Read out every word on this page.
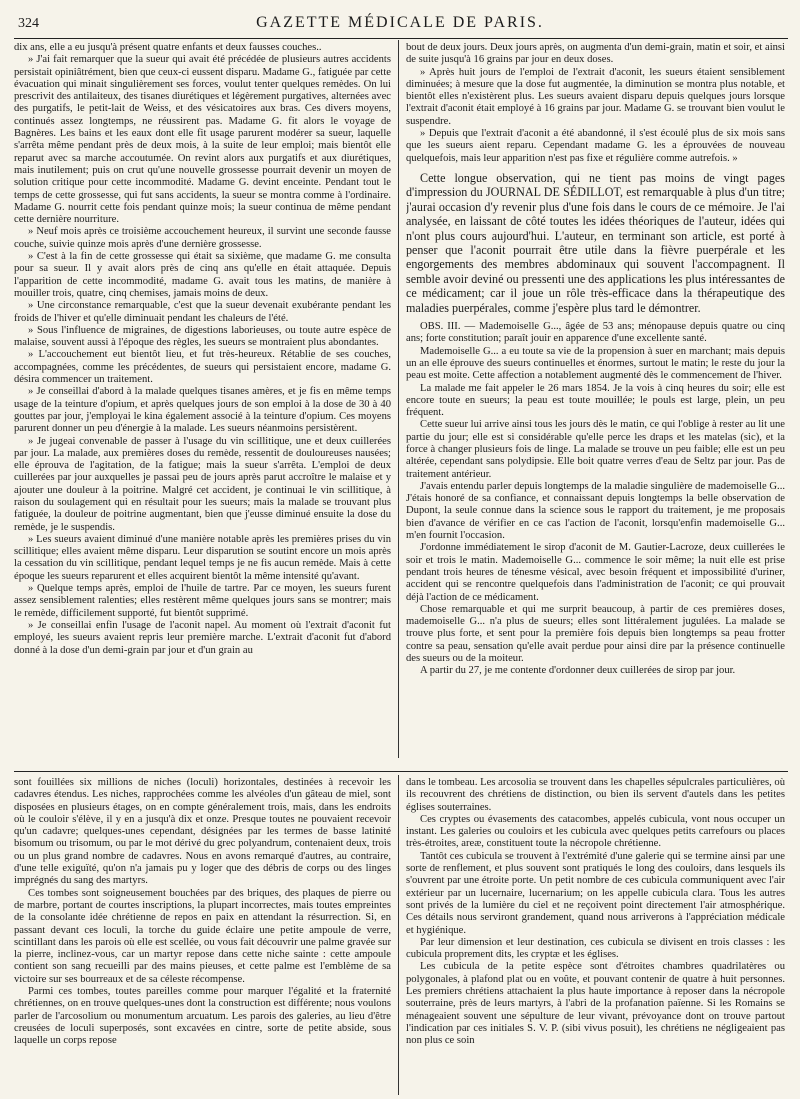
324	GAZETTE MÉDICALE DE PARIS.

dix ans, elle a eu jusqu'à présent quatre enfants et deux fausses couches..

» J'ai fait remarquer que la sueur qui avait été précédée de plusieurs autres accidents persistait opiniâtrément, bien que ceux-ci eussent disparu. Madame G., fatiguée par cette évacuation qui minait singulièrement ses forces, voulut tenter quelques remèdes. On lui prescrivit des antilaiteux, des tisanes diurétiques et légèrement purgatives, alternées avec des purgatifs, le petit-lait de Weiss, et des vésicatoires aux bras. Ces divers moyens, continués assez longtemps, ne réussirent pas. Madame G. fit alors le voyage de Bagnères. Les bains et les eaux dont elle fit usage parurent modérer sa sueur, laquelle s'arrêta même pendant près de deux mois, à la suite de leur emploi; mais bientôt elle reparut avec sa marche accoutumée. On revint alors aux purgatifs et aux diurétiques, mais inutilement; puis on crut qu'une nouvelle grossesse pourrait devenir un moyen de solution critique pour cette incommodité. Madame G. devint enceinte. Pendant tout le temps de cette grossesse, qui fut sans accidents, la sueur se montra comme à l'ordinaire. Madame G. nourrit cette fois pendant quinze mois; la sueur continua de même pendant cette dernière nourriture.

» Neuf mois après ce troisième accouchement heureux, il survint une seconde fausse couche, suivie quinze mois après d'une dernière grossesse.

» C'est à la fin de cette grossesse qui était sa sixième, que madame G. me consulta pour sa sueur. Il y avait alors près de cinq ans qu'elle en était attaquée. Depuis l'apparition de cette incommodité, madame G. avait tous les matins, de manière à mouiller trois, quatre, cinq chemises, jamais moins de deux.

» Une circonstance remarquable, c'est que la sueur devenait exubérante pendant les froids de l'hiver et qu'elle diminuait pendant les chaleurs de l'été.

» Sous l'influence de migraines, de digestions laborieuses, ou toute autre espèce de malaise, souvent aussi à l'époque des règles, les sueurs se montraient plus abondantes.

» L'accouchement eut bientôt lieu, et fut très-heureux. Rétablie de ses couches, accompagnées, comme les précédentes, de sueurs qui persistaient encore, madame G. désira commencer un traitement.

» Je conseillai d'abord à la malade quelques tisanes amères, et je fis en même temps usage de la teinture d'opium, et après quelques jours de son emploi à la dose de 30 à 40 gouttes par jour, j'employai le kina également associé à la teinture d'opium. Ces moyens parurent donner un peu d'énergie à la malade. Les sueurs néanmoins persistèrent.

» Je jugeai convenable de passer à l'usage du vin scillitique, une et deux cuillerées par jour. La malade, aux premières doses du remède, ressentit de douloureuses nausées; elle éprouva de l'agitation, de la fatigue; mais la sueur s'arrêta. L'emploi de deux cuillerées par jour auxquelles je passai peu de jours après parut accroître le malaise et y ajouter une douleur à la poitrine. Malgré cet accident, je continuai le vin scillitique, à raison du soulagement qui en résultait pour les sueurs; mais la malade se trouvant plus fatiguée, la douleur de poitrine augmentant, bien que j'eusse diminué ensuite la dose du remède, je le suspendis.

» Les sueurs avaient diminué d'une manière notable après les premières prises du vin scillitique; elles avaient même disparu. Leur disparution se soutint encore un mois après la cessation du vin scillitique, pendant lequel temps je ne fis aucun remède. Mais à cette époque les sueurs reparurent et elles acquirent bientôt la même intensité qu'avant.

» Quelque temps après, emploi de l'huile de tartre. Par ce moyen, les sueurs furent assez sensiblement ralenties; elles restèrent même quelques jours sans se montrer; mais le remède, difficilement supporté, fut bientôt supprimé.

» Je conseillai enfin l'usage de l'aconit napel. Au moment où l'extrait d'aconit fut employé, les sueurs avaient repris leur première marche. L'extrait d'aconit fut d'abord donné à la dose d'un demi-grain par jour et d'un grain au

bout de deux jours. Deux jours après, on augmenta d'un demi-grain, matin et soir, et ainsi de suite jusqu'à 16 grains par jour en deux doses.

» Après huit jours de l'emploi de l'extrait d'aconit, les sueurs étaient sensiblement diminuées; à mesure que la dose fut augmentée, la diminution se montra plus notable, et bientôt elles n'existèrent plus. Les sueurs avaient disparu depuis quelques jours lorsque l'extrait d'aconit était employé à 16 grains par jour. Madame G. se trouvant bien voulut le suspendre.

» Depuis que l'extrait d'aconit a été abandonné, il s'est écoulé plus de six mois sans que les sueurs aient reparu. Cependant madame G. les a éprouvées de nouveau quelquefois, mais leur apparition n'est pas fixe et régulière comme autrefois. »

Cette longue observation, qui ne tient pas moins de vingt pages d'impression du JOURNAL DE SÉDILLOT, est remarquable à plus d'un titre; j'aurai occasion d'y revenir plus d'une fois dans le cours de ce mémoire. Je l'ai analysée, en laissant de côté toutes les idées théoriques de l'auteur, idées qui n'ont plus cours aujourd'hui. L'auteur, en terminant son article, est porté à penser que l'aconit pourrait être utile dans la fièvre puerpérale et les engorgements des membres abdominaux qui souvent l'accompagnent. Il semble avoir deviné ou pressenti une des applications les plus intéressantes de ce médicament; car il joue un rôle très-efficace dans la thérapeutique des maladies puerpérales, comme j'espère plus tard le démontrer.

OBS. III. — Mademoiselle G..., âgée de 53 ans; ménopause depuis quatre ou cinq ans; forte constitution; paraît jouir en apparence d'une excellente santé.

Mademoiselle G... a eu toute sa vie de la propension à suer en marchant; mais depuis un an elle éprouve des sueurs continuelles et énormes, surtout le matin; le reste du jour la peau est moite. Cette affection a notablement augmenté dès le commencement de l'hiver.

La malade me fait appeler le 26 mars 1854. Je la vois à cinq heures du soir; elle est encore toute en sueurs; la peau est toute mouillée; le pouls est large, plein, un peu fréquent.

Cette sueur lui arrive ainsi tous les jours dès le matin, ce qui l'oblige à rester au lit une partie du jour; elle est si considérable qu'elle perce les draps et les matelas (sic), et la force à changer plusieurs fois de linge. La malade se trouve un peu faible; elle est un peu altérée, cependant sans polydipsie. Elle boit quatre verres d'eau de Seltz par jour. Pas de traitement antérieur.

J'avais entendu parler depuis longtemps de la maladie singulière de mademoiselle G... J'étais honoré de sa confiance, et connaissant depuis longtemps la belle observation de Dupont, la seule connue dans la science sous le rapport du traitement, je me proposais bien d'avance de vérifier en ce cas l'action de l'aconit, lorsqu'enfin mademoiselle G... m'en fournit l'occasion.

J'ordonne immédiatement le sirop d'aconit de M. Gautier-Lacroze, deux cuillerées le soir et trois le matin. Mademoiselle G... commence le soir même; la nuit elle est prise pendant trois heures de ténesme vésical, avec besoin fréquent et impossibilité d'uriner, accident qui se rencontre quelquefois dans l'administration de l'aconit; ce qui prouvait déjà l'action de ce médicament.

Chose remarquable et qui me surprit beaucoup, à partir de ces premières doses, mademoiselle G... n'a plus de sueurs; elles sont littéralement jugulées. La malade se trouve plus forte, et sent pour la première fois depuis bien longtemps sa peau frotter contre sa peau, sensation qu'elle avait perdue pour ainsi dire par la présence continuelle des sueurs ou de la moiteur.

A partir du 27, je me contente d'ordonner deux cuillerées de sirop par jour.

sont fouillées six millions de niches (loculi) horizontales, destinées à recevoir les cadavres étendus. Les niches, rapprochées comme les alvéoles d'un gâteau de miel, sont disposées en plusieurs étages, on en compte généralement trois, mais, dans les endroits où le couloir s'élève, il y en a jusqu'à dix et onze. Presque toutes ne pouvaient recevoir qu'un cadavre; quelques-unes cependant, désignées par les termes de basse latinité bisomum ou trisomum, ou par le mot dérivé du grec polyandrum, contenaient deux, trois ou un plus grand nombre de cadavres. Nous en avons remarqué d'autres, au contraire, d'une telle exiguïté, qu'on n'a jamais pu y loger que des débris de corps ou des linges imprégnés du sang des martyrs.

Ces tombes sont soigneusement bouchées par des briques, des plaques de pierre ou de marbre, portant de courtes inscriptions, la plupart incorrectes, mais toutes empreintes de la consolante idée chrétienne de repos en paix en attendant la résurrection. Si, en passant devant ces loculi, la torche du guide éclaire une petite ampoule de verre, scintillant dans les parois où elle est scellée, ou vous fait découvrir une palme gravée sur la pierre, inclinez-vous, car un martyr repose dans cette niche sainte : cette ampoule contient son sang recueilli par des mains pieuses, et cette palme est l'emblème de sa victoire sur ses bourreaux et de sa céleste récompense.

Parmi ces tombes, toutes pareilles comme pour marquer l'égalité et la fraternité chrétiennes, on en trouve quelques-unes dont la construction est différente; nous voulons parler de l'arcosolium ou monumentum arcuatum. Les parois des galeries, au lieu d'être creusées de loculi superposés, sont excavées en cintre, sorte de petite abside, sous laquelle un corps repose

dans le tombeau. Les arcosolia se trouvent dans les chapelles sépulcrales particulières, où ils recouvrent des chrétiens de distinction, ou bien ils servent d'autels dans les petites églises souterraines.

Ces cryptes ou évasements des catacombes, appelés cubicula, vont nous occuper un instant. Les galeries ou couloirs et les cubicula avec quelques petits carrefours ou places très-étroites, areæ, constituent toute la nécropole chrétienne.

Tantôt ces cubicula se trouvent à l'extrémité d'une galerie qui se termine ainsi par une sorte de renflement, et plus souvent sont pratiqués le long des couloirs, dans lesquels ils s'ouvrent par une étroite porte. Un petit nombre de ces cubicula communiquent avec l'air extérieur par un lucernaire, lucernarium; on les appelle cubicula clara. Tous les autres sont privés de la lumière du ciel et ne reçoivent point directement l'air atmosphérique. Ces détails nous serviront grandement, quand nous arriverons à l'appréciation médicale et hygiénique.

Par leur dimension et leur destination, ces cubicula se divisent en trois classes : les cubicula proprement dits, les cryptæ et les églises.

Les cubicula de la petite espèce sont d'étroites chambres quadrilatères ou polygonales, à plafond plat ou en voûte, et pouvant contenir de quatre à huit personnes. Les premiers chrétiens attachaient la plus haute importance à reposer dans la nécropole souterraine, près de leurs martyrs, à l'abri de la profanation païenne. Si les Romains se ménageaient souvent une sépulture de leur vivant, prévoyance dont on trouve partout l'indication par ces initiales S. V. P. (sibi vivus posuit), les chrétiens ne négligeaient pas non plus ce soin
